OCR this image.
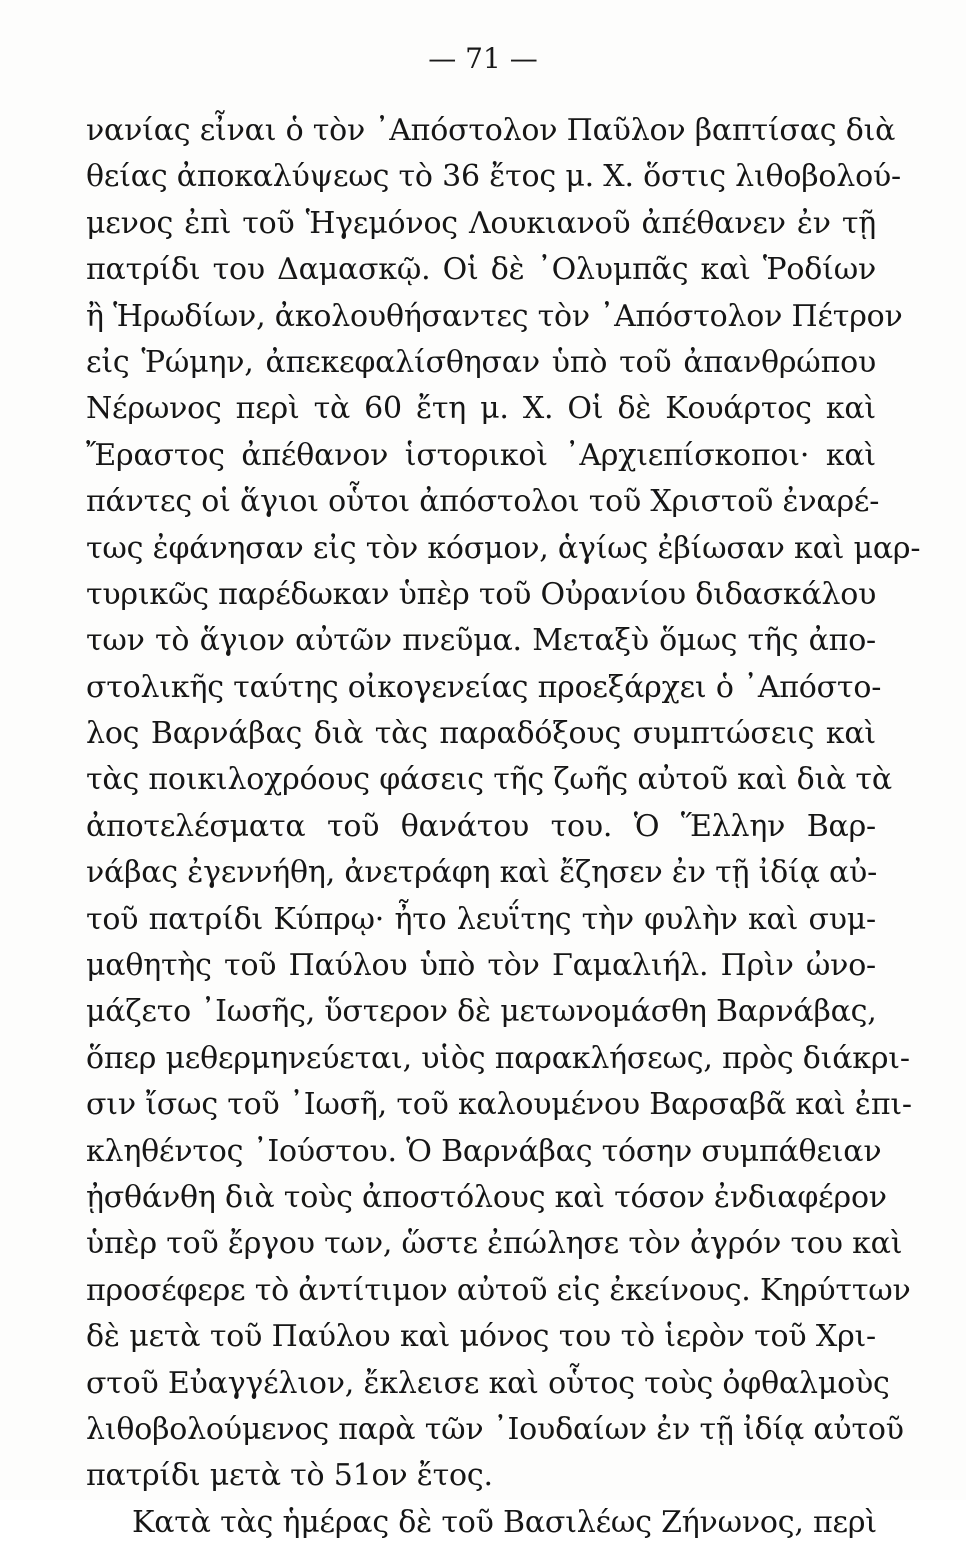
— 71 —
νανίας εἶναι ὁ τὸν ᾿Απόστολον Παῦλον βαπτίσας διὰ
θείας ἀποκαλύψεως τὸ 36 ἔτος μ. Χ. ὅστις λιθοβολού-
μενος ἐπὶ τοῦ Ἡγεμόνος Λουκιανοῦ ἀπέθανεν ἐν τῇ
πατρίδι του Δαμασκῷ. Οἱ δὲ ᾿Ολυμπᾶς καὶ Ῥοδίων
ἢ Ἡρωδίων, ἀκολουθήσαντες τὸν ᾿Απόστολον Πέτρον
εἰς Ῥώμην, ἀπεκεφαλίσθησαν ὑπὸ τοῦ ἀπανθρώπου
Νέρωνος περὶ τὰ 60 ἔτη μ. Χ. Οἱ δὲ Κουάρτος καὶ
Ἔραστος ἀπέθανον ἱστορικοὶ ᾿Αρχιεπίσκοποι· καὶ
πάντες οἱ ἅγιοι οὗτοι ἀπόστολοι τοῦ Χριστοῦ ἐναρέ-
τως ἐφάνησαν εἰς τὸν κόσμον, ἁγίως ἐβίωσαν καὶ μαρ-
τυρικῶς παρέδωκαν ὑπὲρ τοῦ Οὐρανίου διδασκάλου
των τὸ ἅγιον αὐτῶν πνεῦμα. Μεταξὺ ὅμως τῆς ἀπο-
στολικῆς ταύτης οἰκογενείας προεξάρχει ὁ ᾿Απόστο-
λος Βαρνάβας διὰ τὰς παραδόξους συμπτώσεις καὶ
τὰς ποικιλοχρόους φάσεις τῆς ζωῆς αὐτοῦ καὶ διὰ τὰ
ἀποτελέσματα τοῦ θανάτου του. Ὁ Ἕλλην Βαρ-
νάβας ἐγεννήθη, ἀνετράφη καὶ ἔζησεν ἐν τῇ ἰδίᾳ αὐ-
τοῦ πατρίδι Κύπρῳ· ἦτο λευΐτης τὴν φυλὴν καὶ συμ-
μαθητὴς τοῦ Παύλου ὑπὸ τὸν Γαμαλιήλ. Πρὶν ὠνο-
μάζετο ᾿Ιωσῆς, ὕστερον δὲ μετωνομάσθη Βαρνάβας,
ὅπερ μεθερμηνεύεται, υἱὸς παρακλήσεως, πρὸς διάκρι-
σιν ἴσως τοῦ ᾿Ιωσῆ, τοῦ καλουμένου Βαρσαβᾶ καὶ ἐπι-
κληθέντος ᾿Ιούστου. Ὁ Βαρνάβας τόσην συμπάθειαν
ᾐσθάνθη διὰ τοὺς ἀποστόλους καὶ τόσον ἐνδιαφέρον
ὑπὲρ τοῦ ἔργου των, ὥστε ἐπώλησε τὸν ἀγρόν του καὶ
προσέφερε τὸ ἀντίτιμον αὐτοῦ εἰς ἐκείνους. Κηρύττων
δὲ μετὰ τοῦ Παύλου καὶ μόνος του τὸ ἱερὸν τοῦ Χρι-
στοῦ Εὐαγγέλιον, ἔκλεισε καὶ οὗτος τοὺς ὀφθαλμοὺς
λιθοβολούμενος παρὰ τῶν ᾿Ιουδαίων ἐν τῇ ἰδίᾳ αὐτοῦ
πατρίδι μετὰ τὸ 51ον ἔτος.
Κατὰ τὰς ἡμέρας δὲ τοῦ Βασιλέως Ζήνωνος, περὶ
